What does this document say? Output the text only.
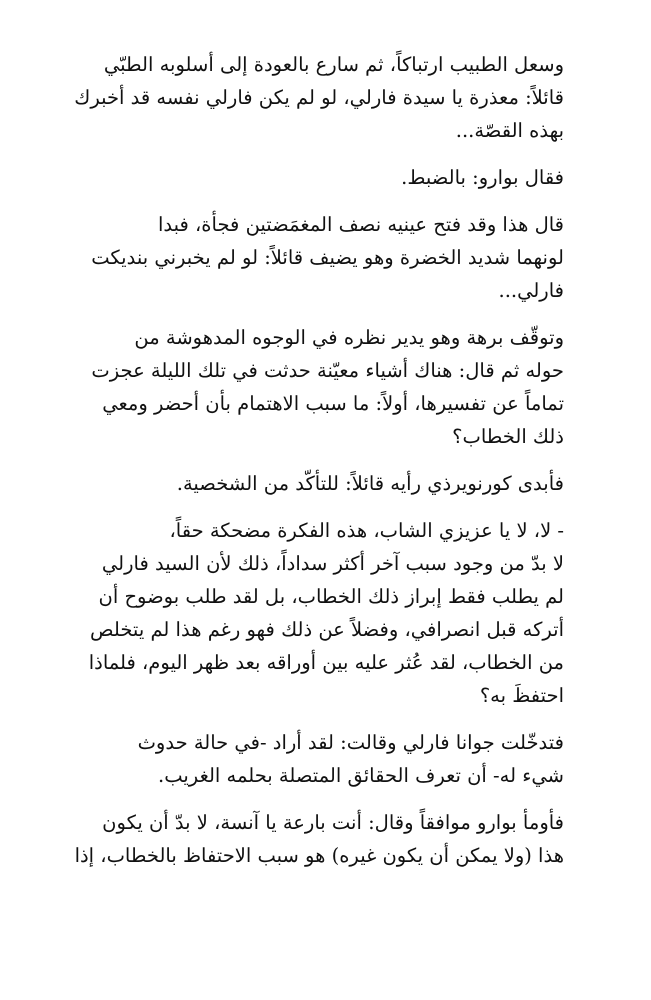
وسعل الطبيب ارتباكاً، ثم سارع بالعودة إلى أسلوبه الطبّي
قائلاً: معذرة يا سيدة فارلي، لو لم يكن فارلي نفسه قد أخبرك
بهذه القصّة...

فقال بوارو: بالضبط.

قال هذا وقد فتح عينيه نصف المغمَضتين فجأة، فبدا
لونهما شديد الخضرة وهو يضيف قائلاً: لو لم يخبرني بنديكت
فارلي...

وتوقّف برهة وهو يدير نظره في الوجوه المدهوشة من
حوله ثم قال: هناك أشياء معيّنة حدثت في تلك الليلة عجزت
تماماً عن تفسيرها، أولاً: ما سبب الاهتمام بأن أحضر ومعي
ذلك الخطاب؟

فأبدى كورنويرذي رأيه قائلاً: للتأكّد من الشخصية.

- لا، لا يا عزيزي الشاب، هذه الفكرة مضحكة حقاً،
لا بدّ من وجود سبب آخر أكثر سداداً، ذلك لأن السيد فارلي
لم يطلب فقط إبراز ذلك الخطاب، بل لقد طلب بوضوح أن
أتركه قبل انصرافي، وفضلاً عن ذلك فهو رغم هذا لم يتخلص
من الخطاب، لقد عُثر عليه بين أوراقه بعد ظهر اليوم، فلماذا
احتفظَ به؟

فتدخّلت جوانا فارلي وقالت: لقد أراد -في حالة حدوث
شيء له- أن تعرف الحقائق المتصلة بحلمه الغريب.

فأومأ بوارو موافقاً وقال: أنت بارعة يا آنسة، لا بدّ أن يكون
هذا (ولا يمكن أن يكون غيره) هو سبب الاحتفاظ بالخطاب، إذا
